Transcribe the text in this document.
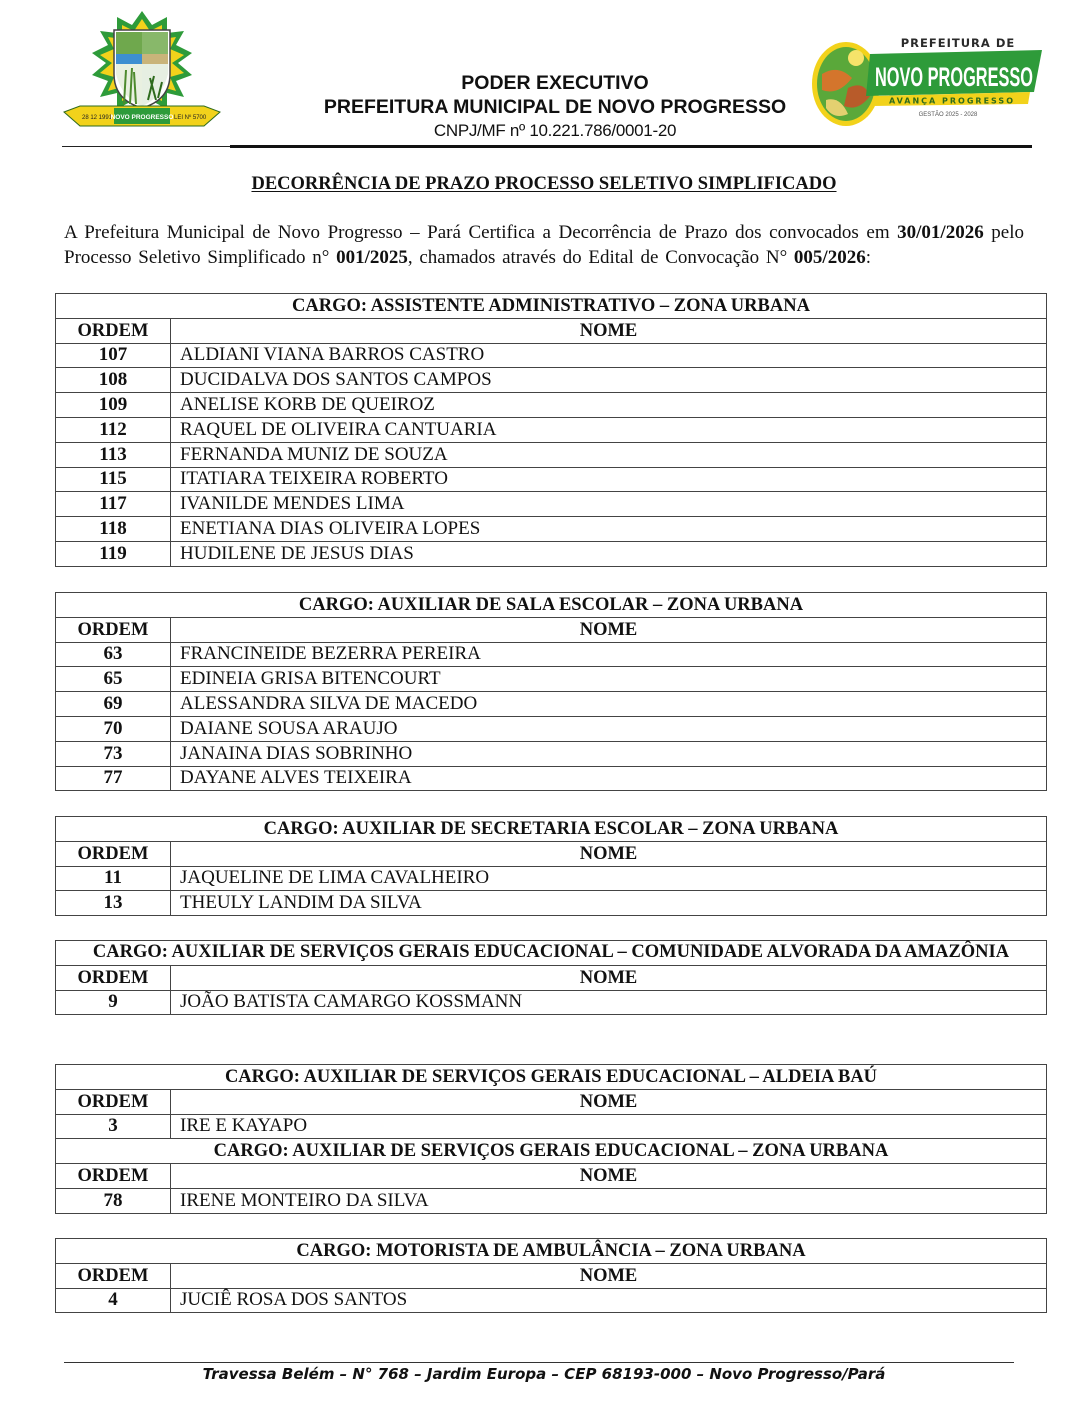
28 12 1991
NOVO PROGRESSO LEI Nº 5700
PODER EXECUTIVO
PREFEITURA MUNICIPAL DE NOVO PROGRESSO
CNPJ/MF nº 10.221.786/0001-20
PREFEITURA DE
NOVO PROGRESSO
AVANÇA PROGRESSO
GESTÃO 2025 - 2028
DECORRÊNCIA DE PRAZO PROCESSO SELETIVO SIMPLIFICADO
A Prefeitura Municipal de Novo Progresso – Pará Certifica a Decorrência de Prazo dos convocados em 30/01/2026 pelo Processo Seletivo Simplificado n° 001/2025, chamados através do Edital de Convocação N° 005/2026:
CARGO: ASSISTENTE ADMINISTRATIVO – ZONA URBANA	
ORDEM	NOME
107	ALDIANI VIANA BARROS CASTRO
108	DUCIDALVA DOS SANTOS CAMPOS
109	ANELISE KORB DE QUEIROZ
112	RAQUEL DE OLIVEIRA CANTUARIA
113	FERNANDA MUNIZ DE SOUZA
115	ITATIARA TEIXEIRA ROBERTO
117	IVANILDE MENDES LIMA
118	ENETIANA DIAS OLIVEIRA LOPES
119	HUDILENE DE JESUS DIAS
CARGO: AUXILIAR DE SALA ESCOLAR – ZONA URBANA	
ORDEM	NOME
63	FRANCINEIDE BEZERRA PEREIRA
65	EDINEIA GRISA BITENCOURT
69	ALESSANDRA SILVA DE MACEDO
70	DAIANE SOUSA ARAUJO
73	JANAINA DIAS SOBRINHO
77	DAYANE ALVES TEIXEIRA
CARGO: AUXILIAR DE SECRETARIA ESCOLAR – ZONA URBANA	
ORDEM	NOME
11	JAQUELINE DE LIMA CAVALHEIRO
13	THEULY LANDIM DA SILVA
CARGO: AUXILIAR DE SERVIÇOS GERAIS EDUCACIONAL – COMUNIDADE ALVORADA DA AMAZÔNIA	
ORDEM	NOME
9	JOÃO BATISTA CAMARGO KOSSMANN
CARGO: AUXILIAR DE SERVIÇOS GERAIS EDUCACIONAL – ALDEIA BAÚ	
ORDEM	NOME
3	IRE E KAYAPO
CARGO: AUXILIAR DE SERVIÇOS GERAIS EDUCACIONAL – ZONA URBANA	
ORDEM	NOME
78	IRENE MONTEIRO DA SILVA
CARGO: MOTORISTA DE AMBULÂNCIA – ZONA URBANA	
ORDEM	NOME
4	JUCIÊ ROSA DOS SANTOS
Travessa Belém – N° 768 – Jardim Europa – CEP 68193-000 – Novo Progresso/Pará
